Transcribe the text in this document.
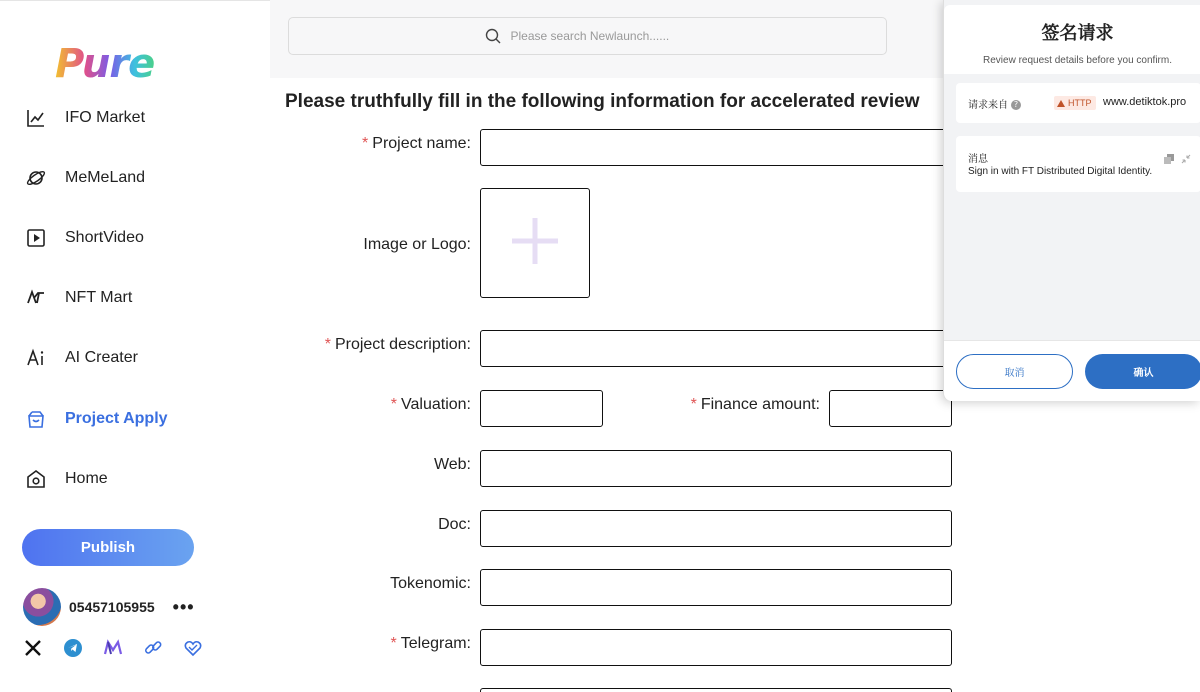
Pure
IFO Market
MeMeLand
ShortVideo
NFT Mart
AI Creater
Project Apply
Home
Publish
05457105955 •••
Please search Newlaunch......
Please truthfully fill in the following information for accelerated review
* Project name:
Image or Logo:
* Project description:
* Valuation:	* Finance amount:
Web:
Doc:
Tokenomic:
* Telegram:
签名请求
Review request details before you confirm.
请求来自 ?	HTTP www.detiktok.pro
消息
Sign in with FT Distributed Digital Identity.
取消	确认
